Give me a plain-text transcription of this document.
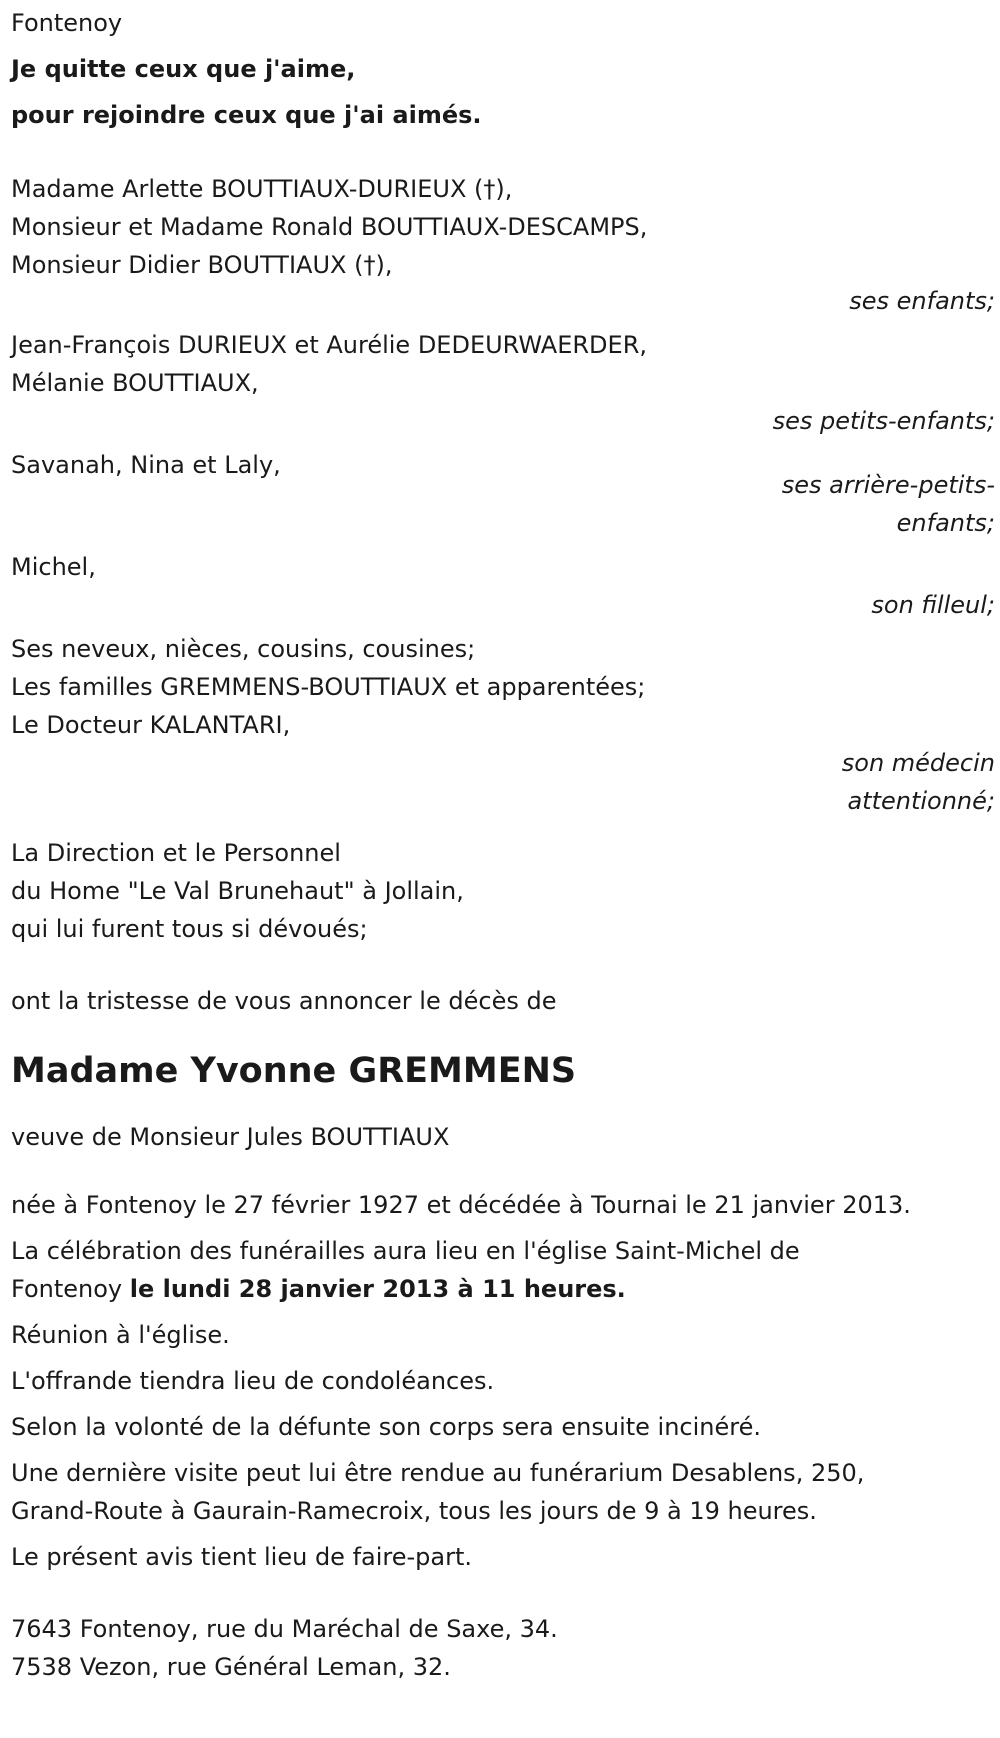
Fontenoy
Je quitte ceux que j'aime,
pour rejoindre ceux que j'ai aimés.
Madame Arlette BOUTTIAUX-DURIEUX (†),
Monsieur et Madame Ronald BOUTTIAUX-DESCAMPS,
Monsieur Didier BOUTTIAUX (†),
ses enfants;
Jean-François DURIEUX et Aurélie DEDEURWAERDER,
Mélanie BOUTTIAUX,
ses petits-enfants;
Savanah, Nina et Laly,
ses arrière-petits-
enfants;
Michel,
son filleul;
Ses neveux, nièces, cousins, cousines;
Les familles GREMMENS-BOUTTIAUX et apparentées;
Le Docteur KALANTARI,
son médecin
attentionné;
La Direction et le Personnel
du Home "Le Val Brunehaut" à Jollain,
qui lui furent tous si dévoués;
ont la tristesse de vous annoncer le décès de
Madame Yvonne GREMMENS
veuve de Monsieur Jules BOUTTIAUX
née à Fontenoy le 27 février 1927 et décédée à Tournai le 21 janvier 2013.
La célébration des funérailles aura lieu en l'église Saint-Michel de
Fontenoy le lundi 28 janvier 2013 à 11 heures.
Réunion à l'église.
L'offrande tiendra lieu de condoléances.
Selon la volonté de la défunte son corps sera ensuite incinéré.
Une dernière visite peut lui être rendue au funérarium Desablens, 250,
Grand-Route à Gaurain-Ramecroix, tous les jours de 9 à 19 heures.
Le présent avis tient lieu de faire-part.
7643 Fontenoy, rue du Maréchal de Saxe, 34.
7538 Vezon, rue Général Leman, 32.
